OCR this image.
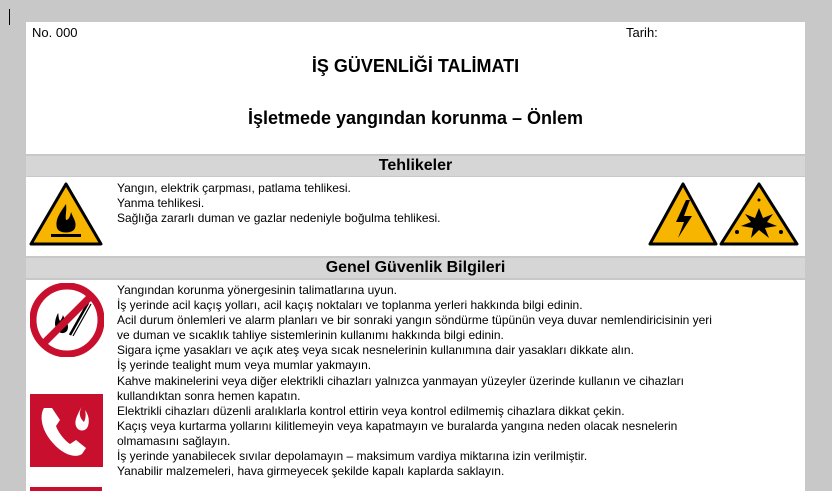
No. 000	Tarih:
İŞ GÜVENLİĞİ TALİMATI
İşletmede yangından korunma – Önlem
Tehlikeler
Yangın, elektrik çarpması, patlama tehlikesi.
Yanma tehlikesi.
Sağlığa zararlı duman ve gazlar nedeniyle boğulma tehlikesi.
Genel Güvenlik Bilgileri
Yangından korunma yönergesinin talimatlarına uyun.
İş yerinde acil kaçış yolları, acil kaçış noktaları ve toplanma yerleri hakkında bilgi edinin.
Acil durum önlemleri ve alarm planları ve bir sonraki yangın söndürme tüpünün veya duvar nemlendiricisinin yeri
ve duman ve sıcaklık tahliye sistemlerinin kullanımı hakkında bilgi edinin.
Sigara içme yasakları ve açık ateş veya sıcak nesnelerinin kullanımına dair yasakları dikkate alın.
İş yerinde tealight mum veya mumlar yakmayın.
Kahve makinelerini veya diğer elektrikli cihazları yalnızca yanmayan yüzeyler üzerinde kullanın ve cihazları
kullandıktan sonra hemen kapatın.
Elektrikli cihazları düzenli aralıklarla kontrol ettirin veya kontrol edilmemiş cihazlara dikkat çekin.
Kaçış veya kurtarma yollarını kilitlemeyin veya kapatmayın ve buralarda yangına neden olacak nesnelerin
olmamasını sağlayın.
İş yerinde yanabilecek sıvılar depolamayın – maksimum vardiya miktarına izin verilmiştir.
Yanabilir malzemeleri, hava girmeyecek şekilde kapalı kaplarda saklayın.
